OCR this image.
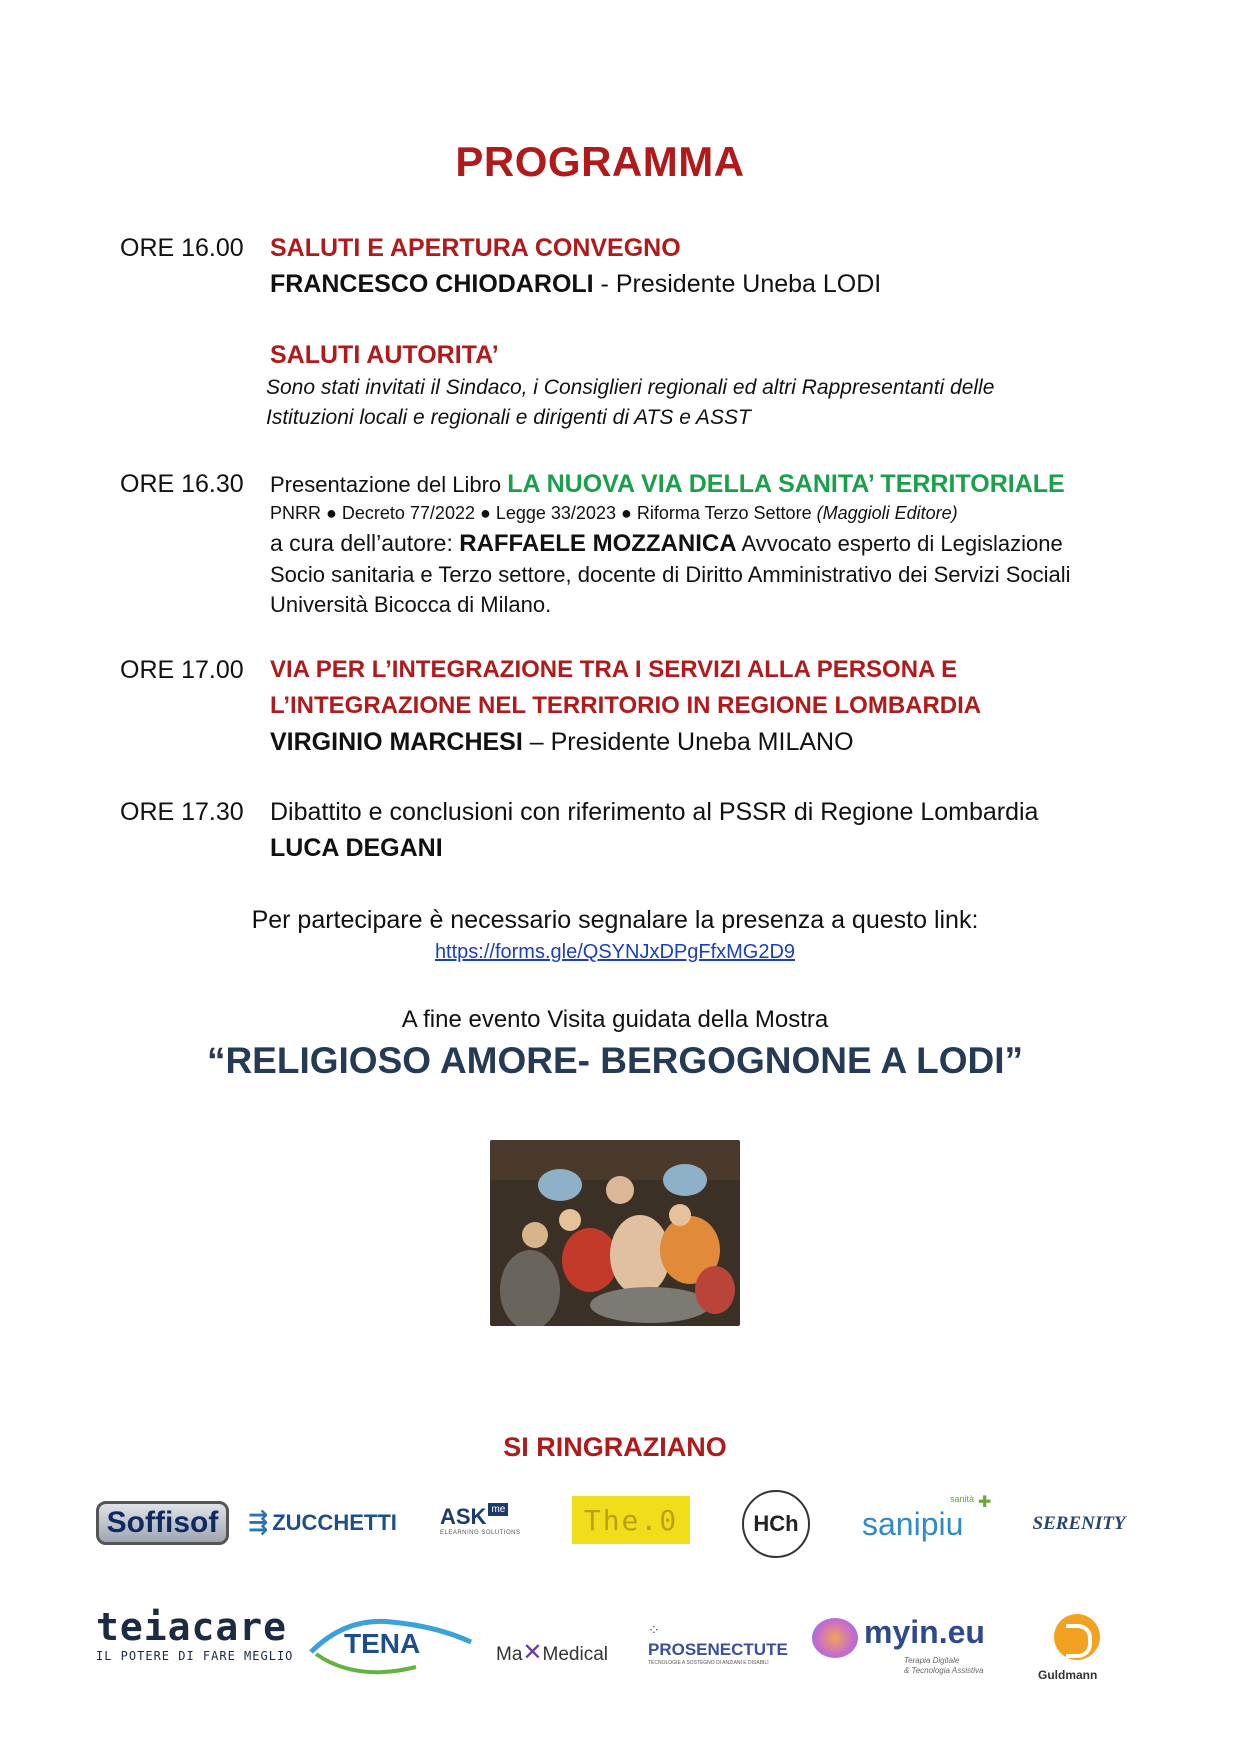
PROGRAMMA
ORE 16.00 SALUTI E APERTURA CONVEGNO
FRANCESCO CHIODAROLI - Presidente Uneba LODI
SALUTI AUTORITA’
Sono stati invitati il Sindaco, i Consiglieri regionali ed altri Rappresentanti delle
Istituzioni locali e regionali e dirigenti di ATS e ASST
ORE 16.30 Presentazione del Libro LA NUOVA VIA DELLA SANITA’ TERRITORIALE
PNRR ● Decreto 77/2022 ● Legge 33/2023 ● Riforma Terzo Settore (Maggioli Editore)
a cura dell’autore: RAFFAELE MOZZANICA Avvocato esperto di Legislazione
Socio sanitaria e Terzo settore, docente di Diritto Amministrativo dei Servizi Sociali
Università Bicocca di Milano.
ORE 17.00 VIA PER L’INTEGRAZIONE TRA I SERVIZI ALLA PERSONA E
L’INTEGRAZIONE NEL TERRITORIO IN REGIONE LOMBARDIA
VIRGINIO MARCHESI – Presidente Uneba MILANO
ORE 17.30 Dibattito e conclusioni con riferimento al PSSR di Regione Lombardia
LUCA DEGANI
Per partecipare è necessario segnalare la presenza a questo link:
https://forms.gle/QSYNJxDPgFfxMG2D9
A fine evento Visita guidata della Mostra
“RELIGIOSO AMORE- BERGOGNONE A LODI”
SI RINGRAZIANO
Soffisof	⇶ ZUCCHETTI ASK $^{me}$
ELEARNING SOLUTIONS	The.0	HCh
sanità ✚
sanipiu	SERENITY
teiacare
IL POTERE DI FARE MEGLIO TENA	Ma✕Medical
⁘PROSENECTUTE
TECNOLOGIE A SOSTEGNO DI ANZIANI E DISABILI
myin.eu
Terapia Digitale
& Tecnologia Assistiva	Guldmann
